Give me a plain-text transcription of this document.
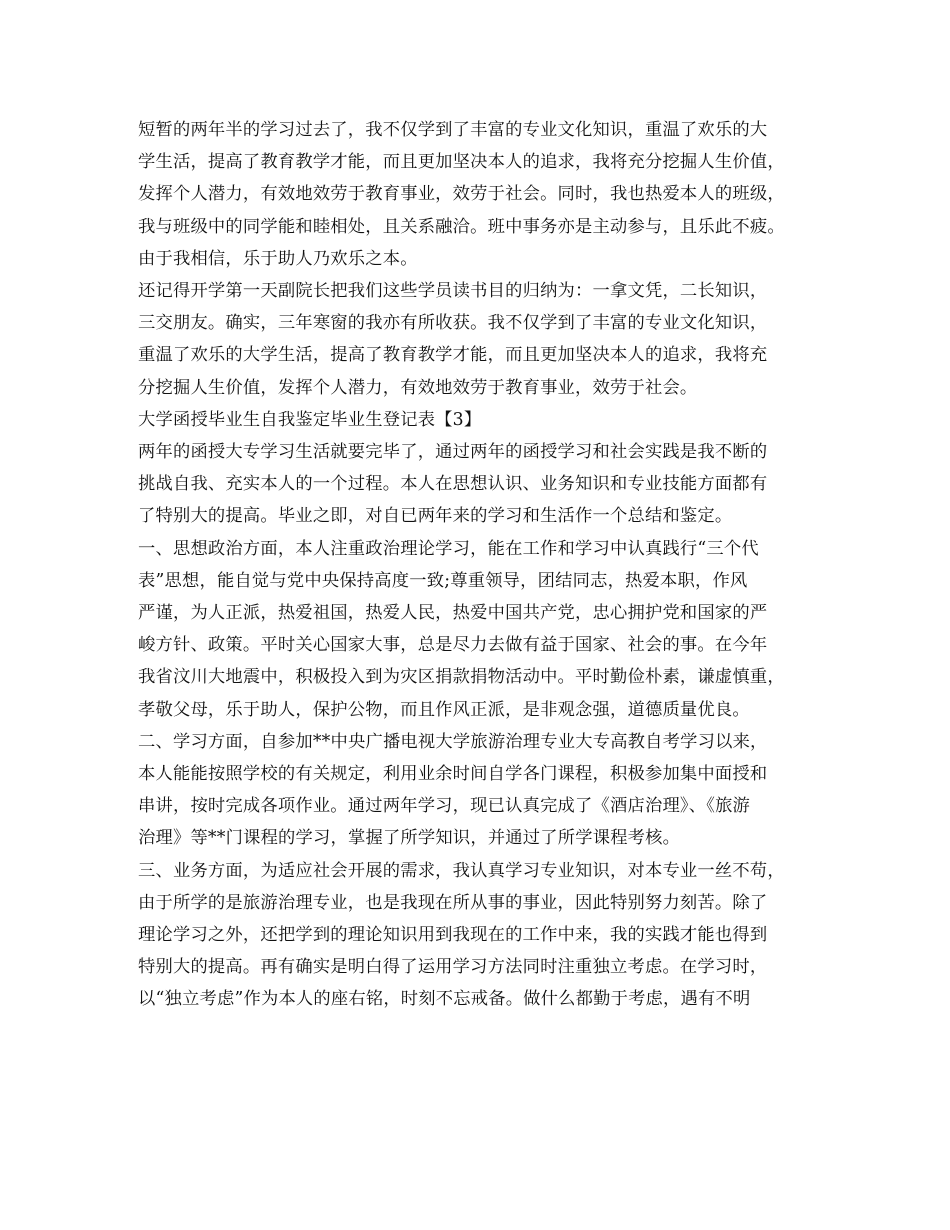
短暂的两年半的学习过去了，我不仅学到了丰富的专业文化知识，重温了欢乐的大

学生活，提高了教育教学才能，而且更加坚决本人的追求，我将充分挖掘人生价值，

发挥个人潜力，有效地效劳于教育事业，效劳于社会。同时，我也热爱本人的班级，

我与班级中的同学能和睦相处，且关系融洽。班中事务亦是主动参与，且乐此不疲。

由于我相信，乐于助人乃欢乐之本。

还记得开学第一天副院长把我们这些学员读书目的归纳为：一拿文凭，二长知识，

三交朋友。确实，三年寒窗的我亦有所收获。我不仅学到了丰富的专业文化知识，

重温了欢乐的大学生活，提高了教育教学才能，而且更加坚决本人的追求，我将充

分挖掘人生价值，发挥个人潜力，有效地效劳于教育事业，效劳于社会。

大学函授毕业生自我鉴定毕业生登记表【3】

两年的函授大专学习生活就要完毕了，通过两年的函授学习和社会实践是我不断的

挑战自我、充实本人的一个过程。本人在思想认识、业务知识和专业技能方面都有

了特别大的提高。毕业之即，对自已两年来的学习和生活作一个总结和鉴定。

一、思想政治方面，本人注重政治理论学习，能在工作和学习中认真践行“三个代

表”思想，能自觉与党中央保持高度一致;尊重领导，团结同志，热爱本职，作风

严谨，为人正派，热爱祖国，热爱人民，热爱中国共产党，忠心拥护党和国家的严

峻方针、政策。平时关心国家大事，总是尽力去做有益于国家、社会的事。在今年

我省汶川大地震中，积极投入到为灾区捐款捐物活动中。平时勤俭朴素，谦虚慎重，

孝敬父母，乐于助人，保护公物，而且作风正派，是非观念强，道德质量优良。

二、学习方面，自参加**中央广播电视大学旅游治理专业大专高教自考学习以来，

本人能能按照学校的有关规定，利用业余时间自学各门课程，积极参加集中面授和

串讲，按时完成各项作业。通过两年学习，现已认真完成了《酒店治理》、《旅游

治理》等**门课程的学习，掌握了所学知识，并通过了所学课程考核。

三、业务方面，为适应社会开展的需求，我认真学习专业知识，对本专业一丝不苟，

由于所学的是旅游治理专业，也是我现在所从事的事业，因此特别努力刻苦。除了

理论学习之外，还把学到的理论知识用到我现在的工作中来，我的实践才能也得到

特别大的提高。再有确实是明白得了运用学习方法同时注重独立考虑。在学习时，

以“独立考虑”作为本人的座右铭，时刻不忘戒备。做什么都勤于考虑，遇有不明
